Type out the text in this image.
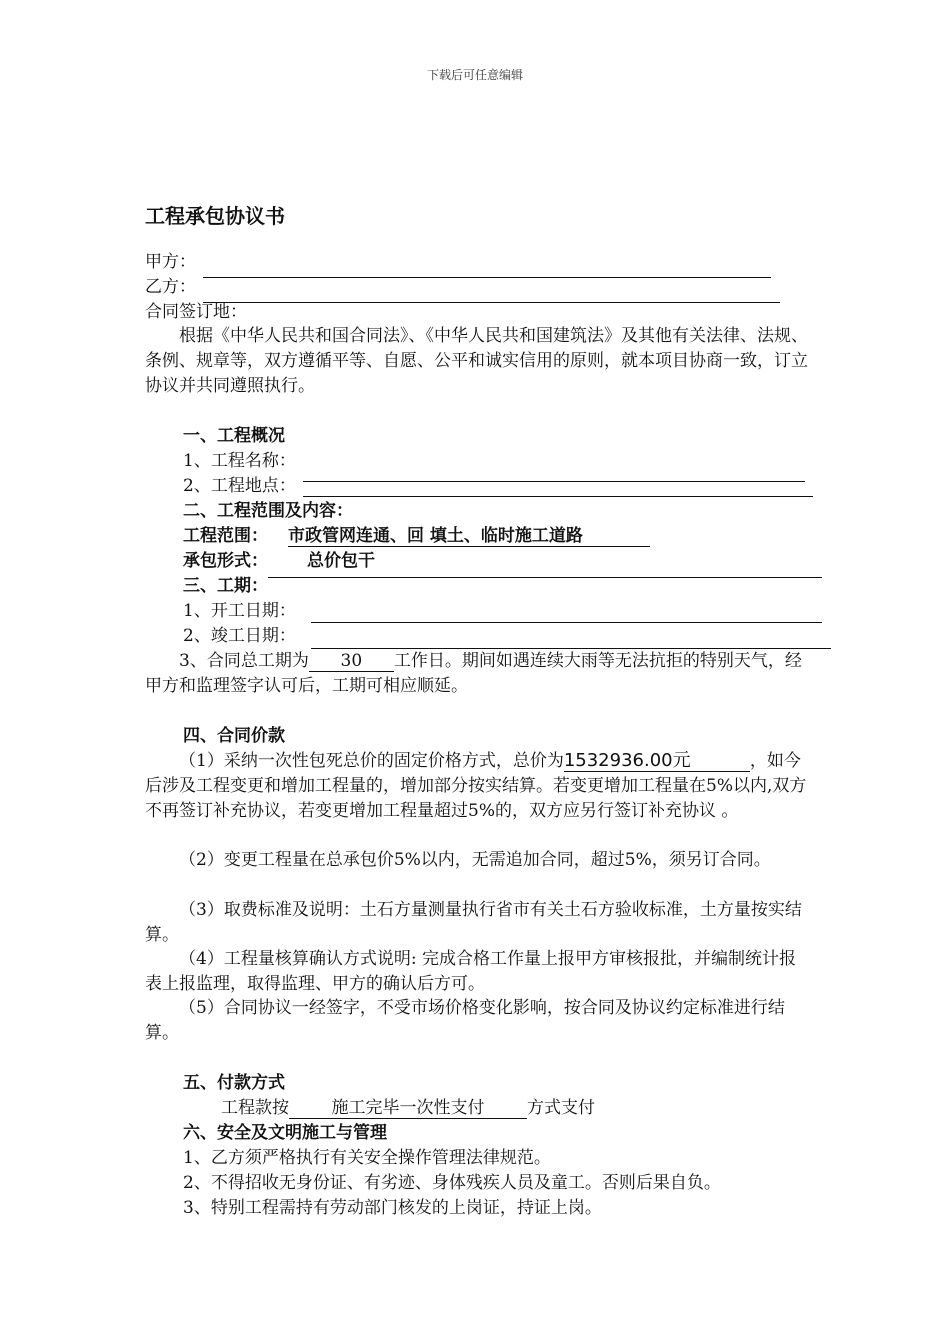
下载后可任意编辑
工程承包协议书
甲方：
乙方：
合同签订地：
根据《中华人民共和国合同法》、《中华人民共和国建筑法》及其他有关法律、法规、条例、规章等，双方遵循平等、自愿、公平和诚实信用的原则，就本项目协商一致，订立协议并共同遵照执行。
一、工程概况
1、工程名称：
2、工程地点：
二、工程范围及内容：
工程范围： 市政管网连通、回 填土、临时施工道路
承包形式： 总价包干
三、工期：
1、开工日期：
2、竣工日期：
3、合同总工期为 30 工作日。期间如遇连续大雨等无法抗拒的特别天气，经甲方和监理签字认可后，工期可相应顺延。
四、合同价款
（1）采纳一次性包死总价的固定价格方式，总价为1532936.00元	，如今后涉及工程变更和增加工程量的，增加部分按实结算。若变更增加工程量在5%以内,双方不再签订补充协议，若变更增加工程量超过5%的，双方应另行签订补充协议 。
（2）变更工程量在总承包价5%以内，无需追加合同，超过5%，须另订合同。
（3）取费标准及说明：土石方量测量执行省市有关土石方验收标准，土方量按实结算。
（4）工程量核算确认方式说明: 完成合格工作量上报甲方审核报批，并编制统计报表上报监理，取得监理、甲方的确认后方可。
（5）合同协议一经签字，不受市场价格变化影响，按合同及协议约定标准进行结算。
五、付款方式
工程款按	施工完毕一次性支付	方式支付
六、安全及文明施工与管理
1、乙方须严格执行有关安全操作管理法律规范。
2、不得招收无身份证、有劣迹、身体残疾人员及童工。否则后果自负。
3、特别工程需持有劳动部门核发的上岗证，持证上岗。
